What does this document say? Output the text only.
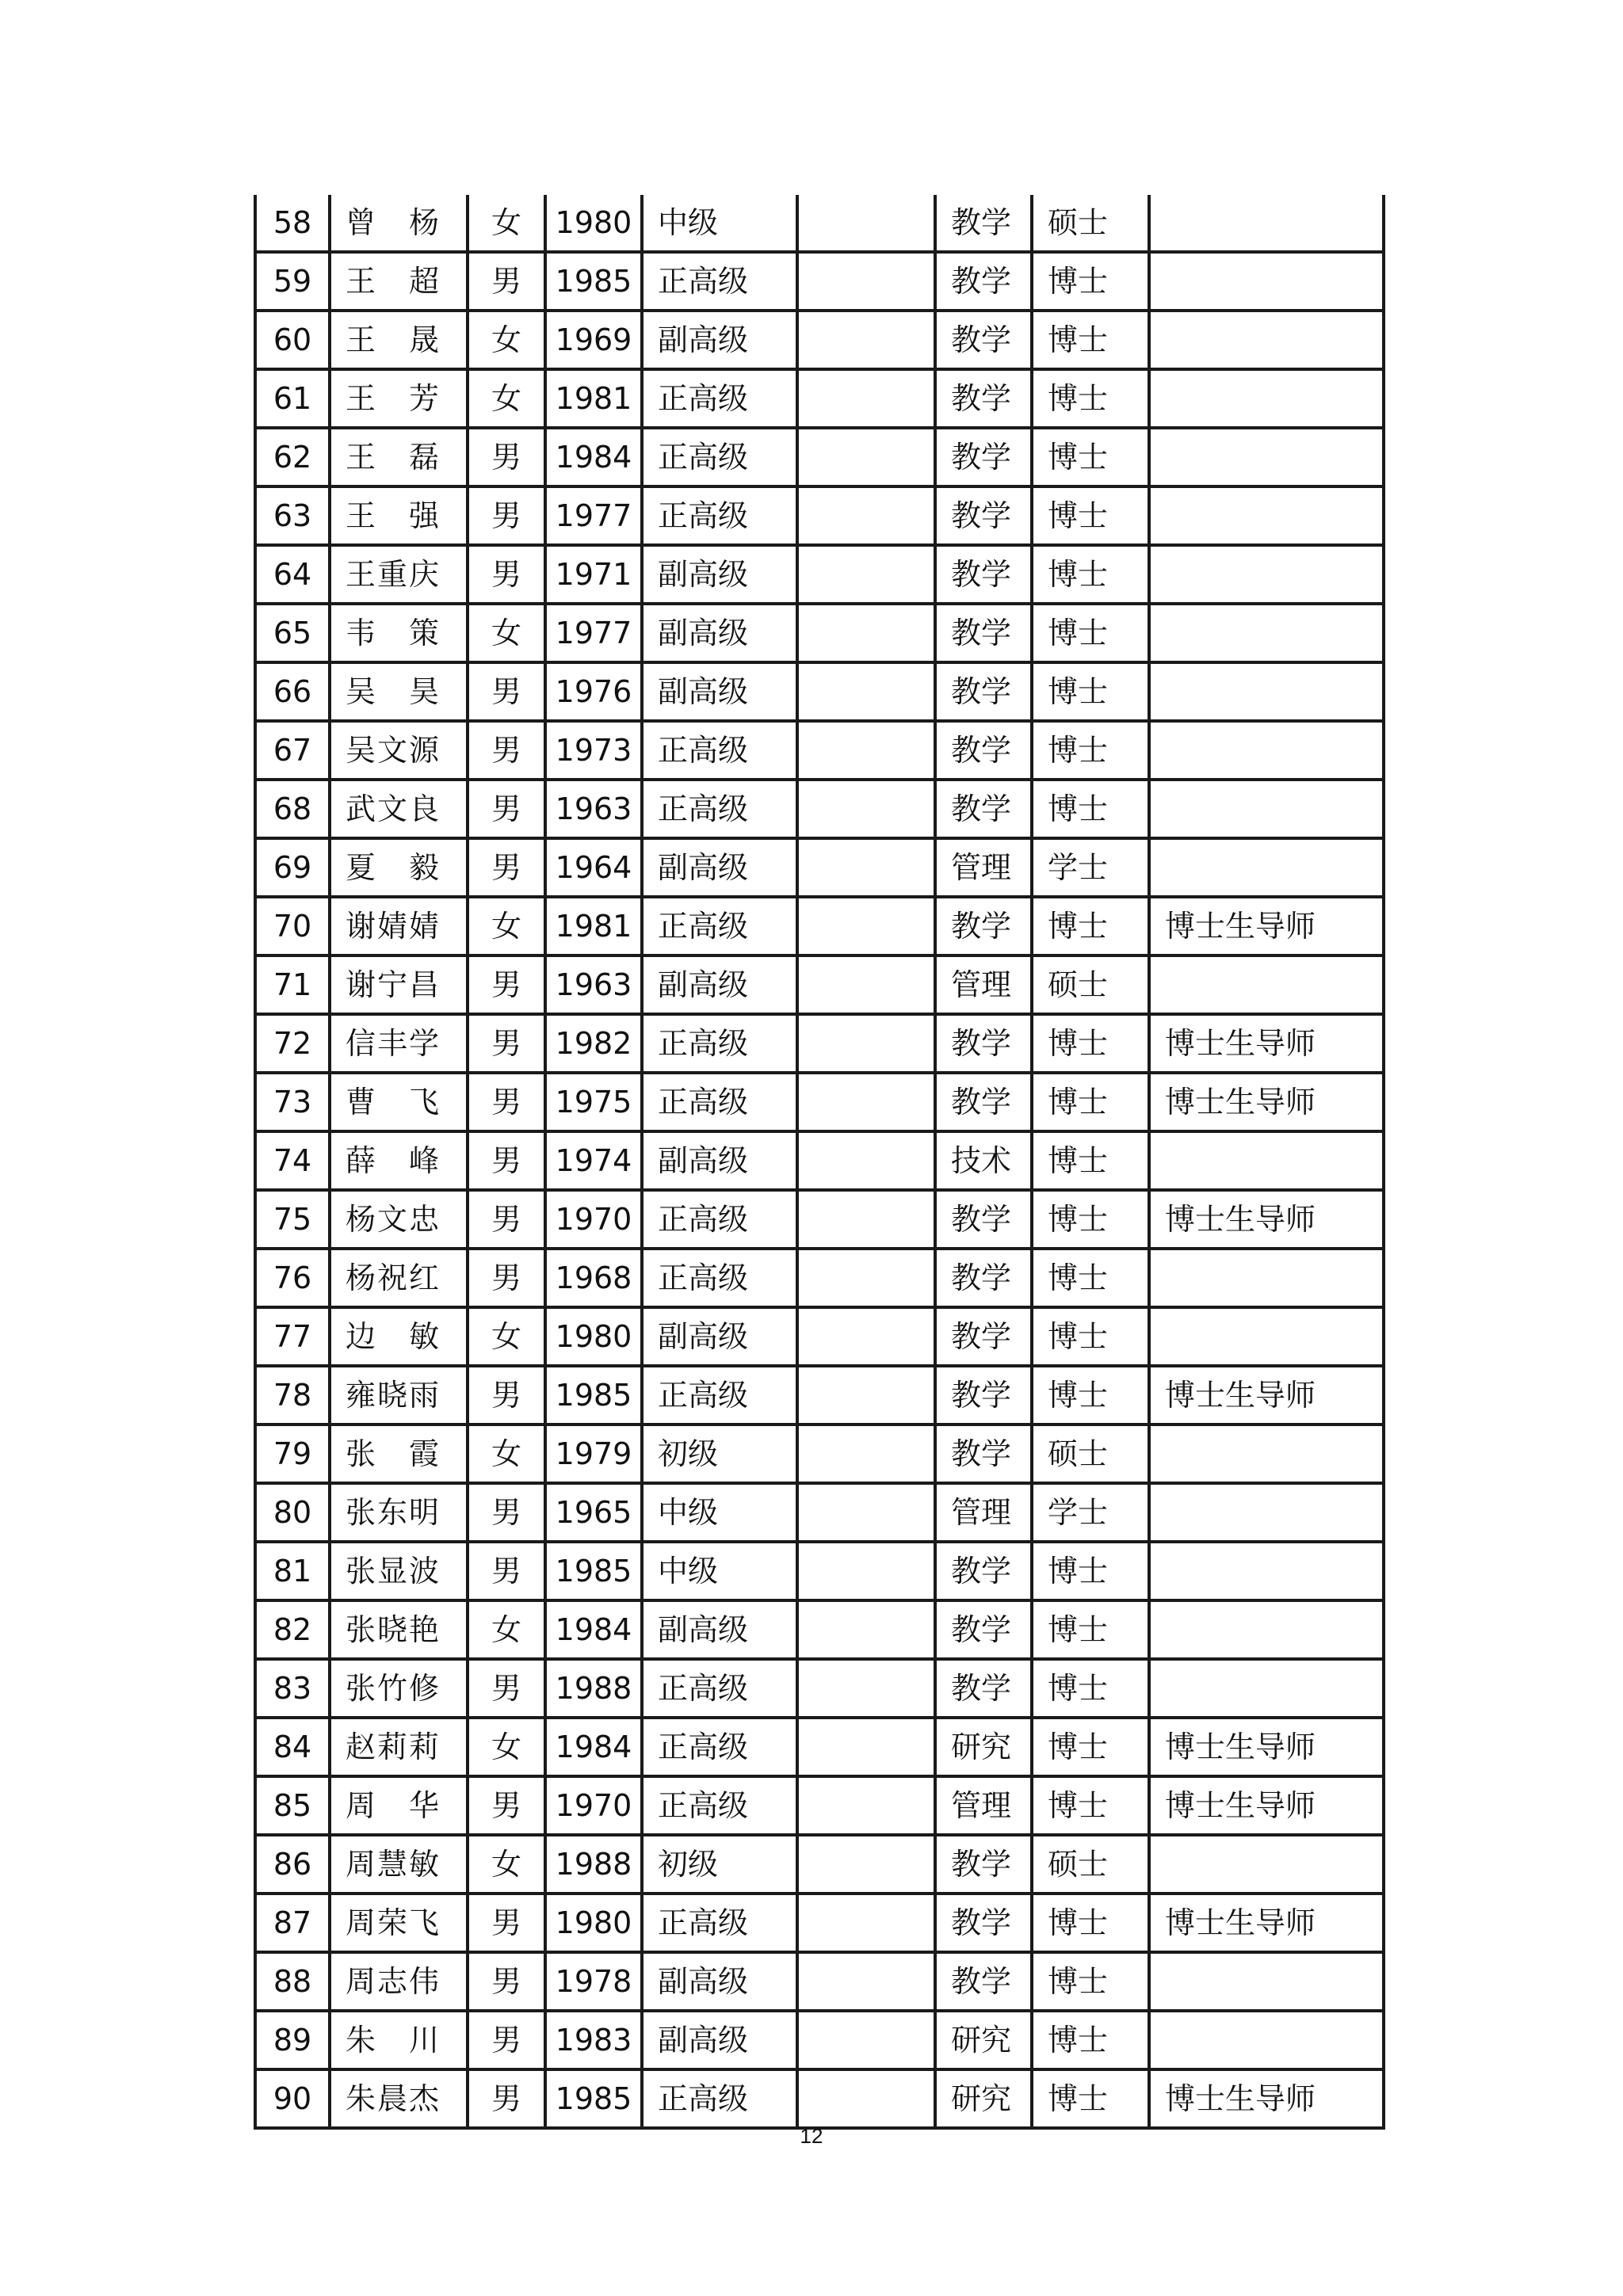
58	曾　杨	女	1980	中级		教学	硕士	
59	王　超	男	1985	正高级		教学	博士	
60	王　晟	女	1969	副高级		教学	博士	
61	王　芳	女	1981	正高级		教学	博士	
62	王　磊	男	1984	正高级		教学	博士	
63	王　强	男	1977	正高级		教学	博士	
64	王重庆	男	1971	副高级		教学	博士	
65	韦　策	女	1977	副高级		教学	博士	
66	吴　昊	男	1976	副高级		教学	博士	
67	吴文源	男	1973	正高级		教学	博士	
68	武文良	男	1963	正高级		教学	博士	
69	夏　毅	男	1964	副高级		管理	学士	
70	谢婧婧	女	1981	正高级		教学	博士	博士生导师
71	谢宁昌	男	1963	副高级		管理	硕士	
72	信丰学	男	1982	正高级		教学	博士	博士生导师
73	曹　飞	男	1975	正高级		教学	博士	博士生导师
74	薛　峰	男	1974	副高级		技术	博士	
75	杨文忠	男	1970	正高级		教学	博士	博士生导师
76	杨祝红	男	1968	正高级		教学	博士	
77	边　敏	女	1980	副高级		教学	博士	
78	雍晓雨	男	1985	正高级		教学	博士	博士生导师
79	张　霞	女	1979	初级		教学	硕士	
80	张东明	男	1965	中级		管理	学士	
81	张显波	男	1985	中级		教学	博士	
82	张晓艳	女	1984	副高级		教学	博士	
83	张竹修	男	1988	正高级		教学	博士	
84	赵莉莉	女	1984	正高级		研究	博士	博士生导师
85	周　华	男	1970	正高级		管理	博士	博士生导师
86	周慧敏	女	1988	初级		教学	硕士	
87	周荣飞	男	1980	正高级		教学	博士	博士生导师
88	周志伟	男	1978	副高级		教学	博士	
89	朱　川	男	1983	副高级		研究	博士	
90	朱晨杰	男	1985	正高级		研究	博士	博士生导师
12
